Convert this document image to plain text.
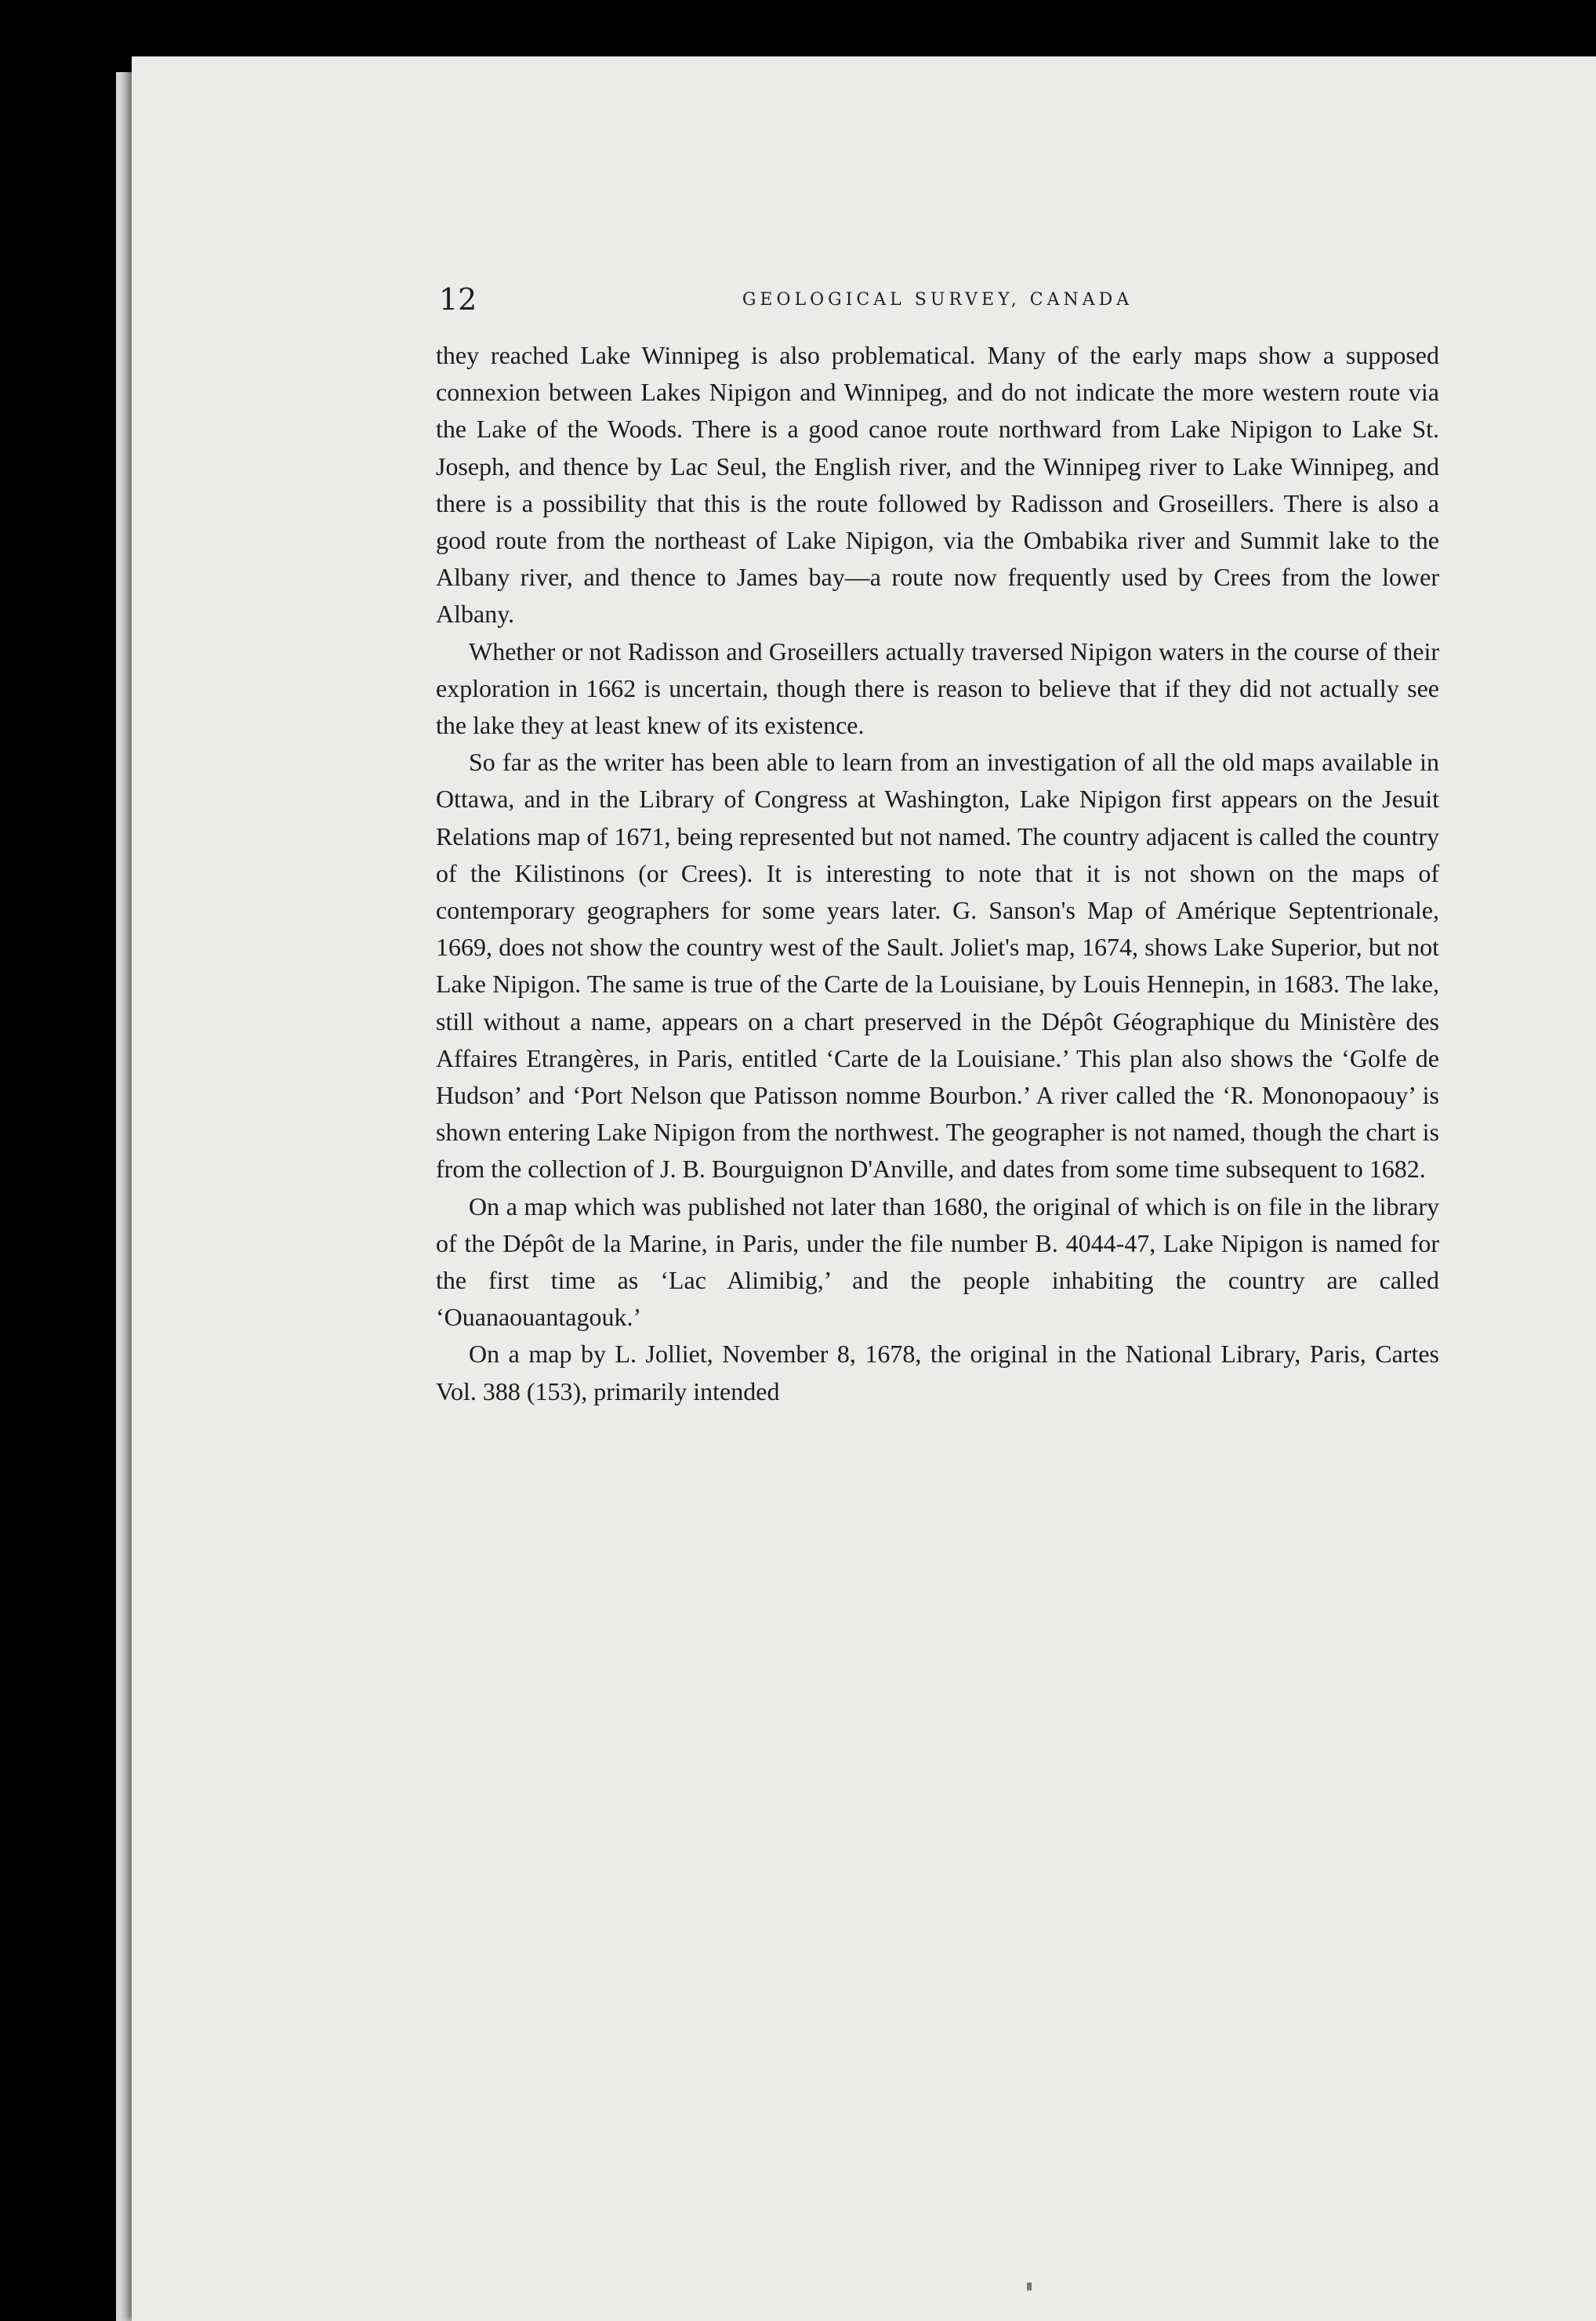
12	GEOLOGICAL SURVEY, CANADA

they reached Lake Winnipeg is also problematical. Many of the early maps show a supposed connexion between Lakes Nipigon and Winnipeg, and do not indicate the more western route via the Lake of the Woods. There is a good canoe route northward from Lake Nipigon to Lake St. Joseph, and thence by Lac Seul, the English river, and the Winnipeg river to Lake Winnipeg, and there is a possibility that this is the route followed by Radisson and Groseillers. There is also a good route from the northeast of Lake Nipigon, via the Ombabika river and Summit lake to the Albany river, and thence to James bay—a route now frequently used by Crees from the lower Albany.

Whether or not Radisson and Groseillers actually traversed Nipigon waters in the course of their exploration in 1662 is uncertain, though there is reason to believe that if they did not actually see the lake they at least knew of its existence.

So far as the writer has been able to learn from an investigation of all the old maps available in Ottawa, and in the Library of Congress at Washington, Lake Nipigon first appears on the Jesuit Relations map of 1671, being represented but not named. The country adjacent is called the country of the Kilistinons (or Crees). It is interesting to note that it is not shown on the maps of contemporary geographers for some years later. G. Sanson's Map of Amérique Septentrionale, 1669, does not show the country west of the Sault. Joliet's map, 1674, shows Lake Superior, but not Lake Nipigon. The same is true of the Carte de la Louisiane, by Louis Hennepin, in 1683. The lake, still without a name, appears on a chart preserved in the Dépôt Géographique du Ministère des Affaires Etrangères, in Paris, entitled ‘Carte de la Louisiane.’ This plan also shows the ‘Golfe de Hudson’ and ‘Port Nelson que Patisson nomme Bourbon.’ A river called the ‘R. Mononopaouy’ is shown entering Lake Nipigon from the northwest. The geographer is not named, though the chart is from the collection of J. B. Bourguignon D'Anville, and dates from some time subsequent to 1682.

On a map which was published not later than 1680, the original of which is on file in the library of the Dépôt de la Marine, in Paris, under the file number B. 4044-47, Lake Nipigon is named for the first time as ‘Lac Alimibig,’ and the people inhabiting the country are called ‘Ouanaouantagouk.’

On a map by L. Jolliet, November 8, 1678, the original in the National Library, Paris, Cartes Vol. 388 (153), primarily intended
